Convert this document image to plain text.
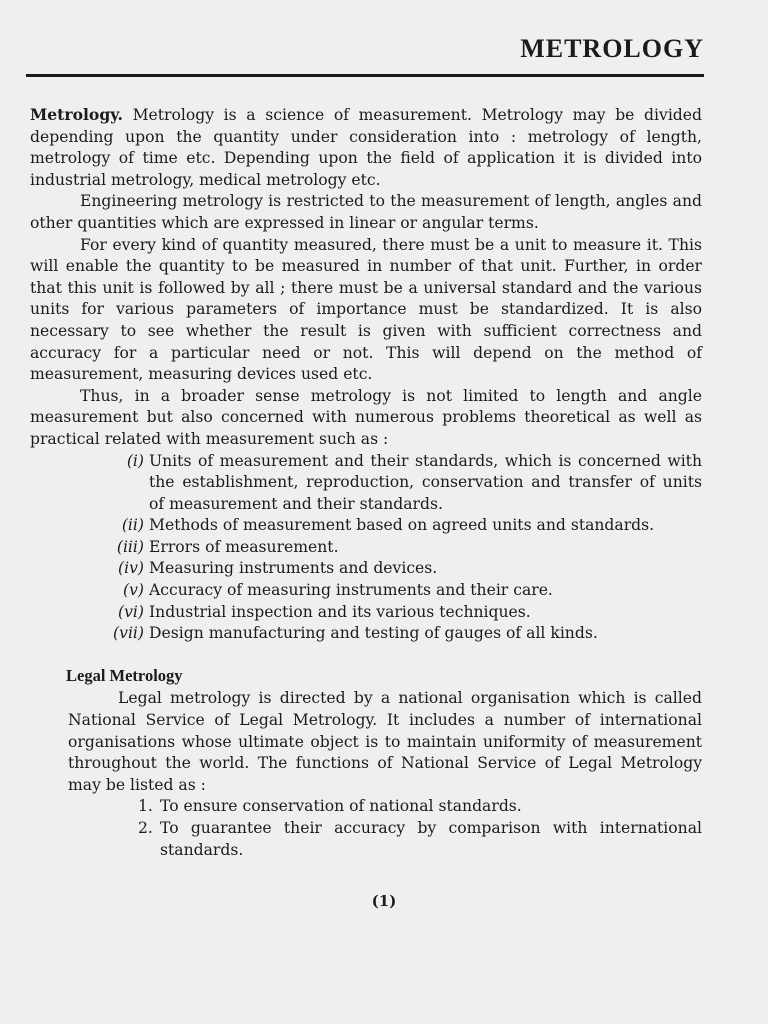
METROLOGY

Metrology. Metrology is a science of measurement. Metrology may be divided depending upon the quantity under consideration into : metrology of length, metrology of time etc. Depending upon the field of application it is divided into industrial metrology, medical metrology etc.

Engineering metrology is restricted to the measurement of length, angles and other quantities which are expressed in linear or angular terms.

For every kind of quantity measured, there must be a unit to measure it. This will enable the quantity to be measured in number of that unit. Further, in order that this unit is followed by all ; there must be a universal standard and the various units for various parameters of importance must be standardized. It is also necessary to see whether the result is given with sufficient correctness and accuracy for a particular need or not. This will depend on the method of measurement, measuring devices used etc.

Thus, in a broader sense metrology is not limited to length and angle measurement but also concerned with numerous problems theoretical as well as practical related with measurement such as :

(i) Units of measurement and their standards, which is concerned with the establishment, reproduction, conservation and transfer of units of measurement and their standards.
(ii) Methods of measurement based on agreed units and standards.
(iii) Errors of measurement.
(iv) Measuring instruments and devices.
(v) Accuracy of measuring instruments and their care.
(vi) Industrial inspection and its various techniques.
(vii) Design manufacturing and testing of gauges of all kinds.
Legal Metrology

Legal metrology is directed by a national organisation which is called National Service of Legal Metrology. It includes a number of international organisations whose ultimate object is to maintain uniformity of measurement throughout the world. The functions of National Service of Legal Metrology may be listed as :

1. To ensure conservation of national standards.
2. To guarantee their accuracy by comparison with international standards.
(1)
